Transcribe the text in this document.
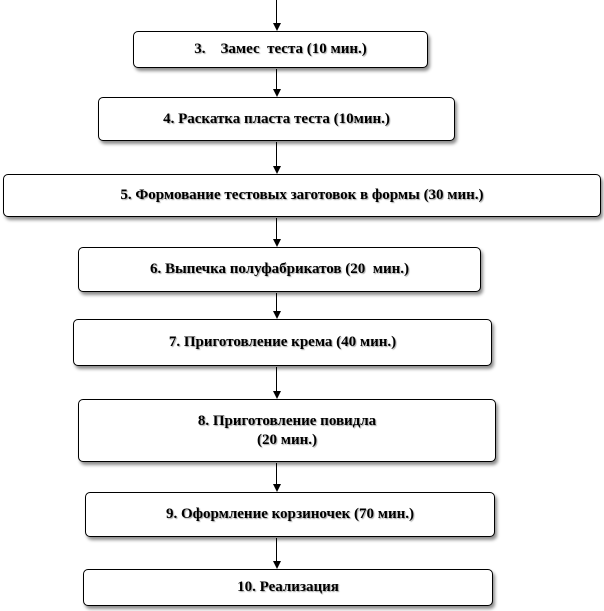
3.    Замес  теста (10 мин.)
4. Раскатка пласта теста (10мин.)
5. Формование тестовых заготовок в формы (30 мин.)
6. Выпечка полуфабрикатов (20  мин.)
7. Приготовление крема (40 мин.)
8. Приготовление повидла
(20 мин.)
9. Оформление корзиночек (70 мин.)
10. Реализация
